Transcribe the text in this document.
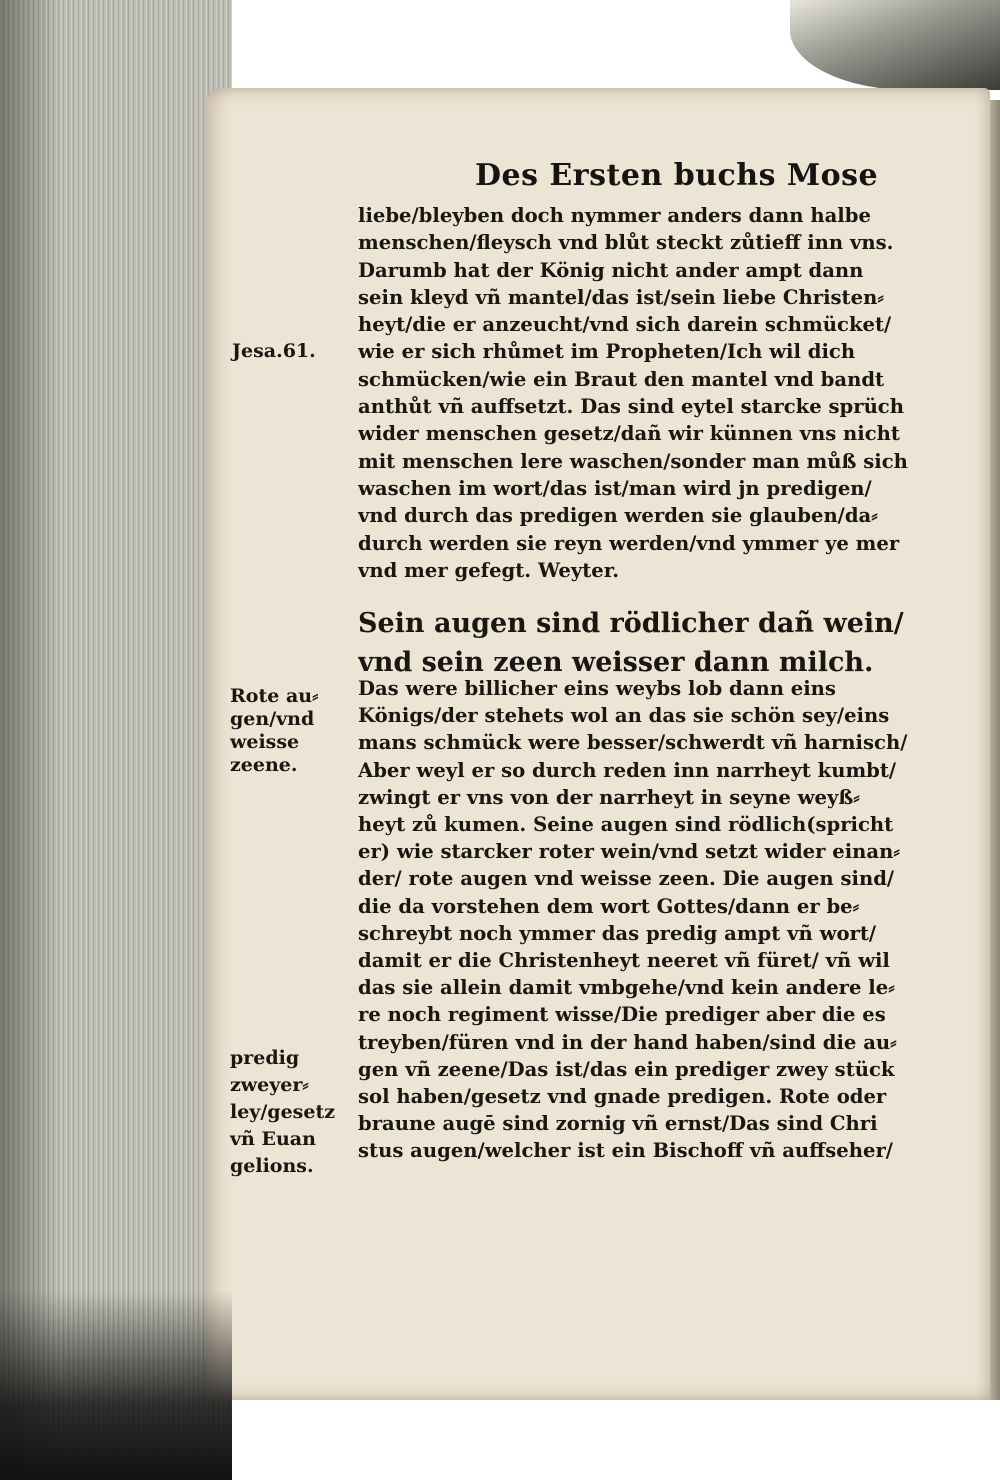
Des Ersten buchs Mose
liebe/bleyben doch nymmer anders dann halbe
menschen/fleysch vnd blůt steckt zůtieff inn vns.
Darumb hat der König nicht ander ampt dann
sein kleyd vñ mantel/das ist/sein liebe Christen⸗
heyt/die er anzeucht/vnd sich darein schmücket/
wie er sich rhůmet im Propheten/Ich wil dich
schmücken/wie ein Braut den mantel vnd bandt
anthůt vñ auffsetzt. Das sind eytel starcke sprüch
wider menschen gesetz/dañ wir künnen vns nicht
mit menschen lere waschen/sonder man můß sich
waschen im wort/das ist/man wird jn predigen/
vnd durch das predigen werden sie glauben/da⸗
durch werden sie reyn werden/vnd ymmer ye mer
vnd mer gefegt. Weyter.
Sein augen sind rödlicher dañ wein/
vnd sein zeen weisser dann milch.
Das were billicher eins weybs lob dann eins
Königs/der stehets wol an das sie schön sey/eins
mans schmück were besser/schwerdt vñ harnisch/
Aber weyl er so durch reden inn narrheyt kumbt/
zwingt er vns von der narrheyt in seyne weyß⸗
heyt zů kumen. Seine augen sind rödlich(spricht
er) wie starcker roter wein/vnd setzt wider einan⸗
der/ rote augen vnd weisse zeen. Die augen sind/
die da vorstehen dem wort Gottes/dann er be⸗
schreybt noch ymmer das predig ampt vñ wort/
damit er die Christenheyt neeret vñ füret/ vñ wil
das sie allein damit vmbgehe/vnd kein andere le⸗
re noch regiment wisse/Die prediger aber die es
treyben/füren vnd in der hand haben/sind die au⸗
gen vñ zeene/Das ist/das ein prediger zwey stück
sol haben/gesetz vnd gnade predigen. Rote oder
braune augē sind zornig vñ ernst/Das sind Chri
stus augen/welcher ist ein Bischoff vñ auffseher/
Jesa.61.
Rote au⸗
gen/vnd
weisse
zeene.
predig
zweyer⸗
ley/gesetz
vñ Euan
gelions.
